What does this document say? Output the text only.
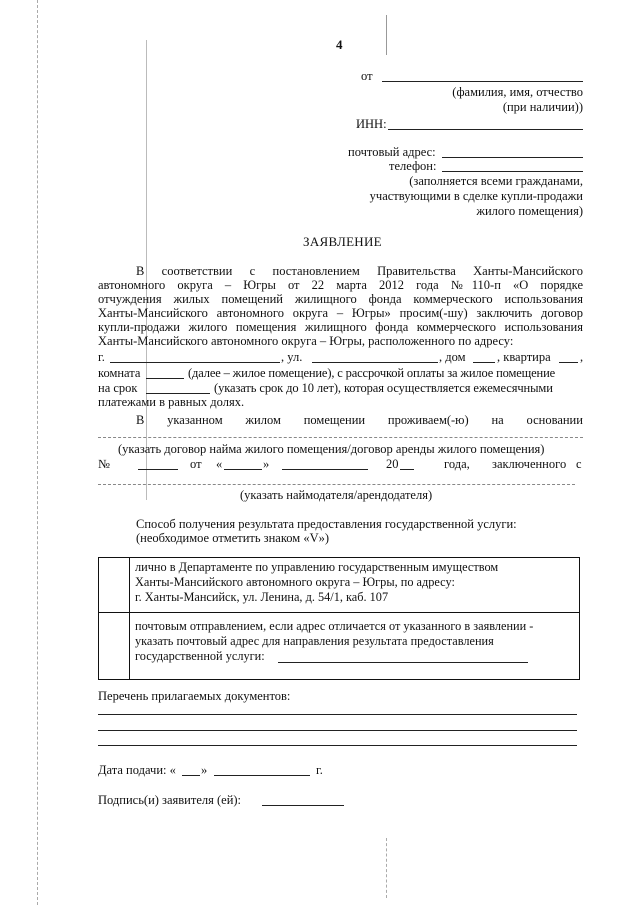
4
от
(фамилия, имя, отчество
(при наличии))
ИНН:
почтовый адрес:
телефон:
(заполняется всеми гражданами,
участвующими в сделке купли-продажи
жилого помещения)
ЗАЯВЛЕНИЕ
В соответствии с постановлением Правительства Ханты-Мансийского
автономного округа – Югры от 22 марта 2012 года №110-п «О порядке
отчуждения жилых помещений жилищного фонда коммерческого использования
Ханты-Мансийского автономного округа – Югры» просим(-шу) заключить договор
купли-продажи жилого помещения жилищного фонда коммерческого использования
Ханты-Мансийского автономного округа – Югры, расположенного по адресу:
г.	, ул.	, дом	, квартира ,
комната	(далее – жилое помещение), с рассрочкой оплаты за жилое помещение
на срок	(указать срок до 10 лет), которая осуществляется ежемесячными
платежами в равных долях.
В указанном жилом помещении проживаем(-ю) на основании
(указать договор найма жилого помещения/договор аренды жилого помещения)
№	от «	»	20	года, заключенного с
(указать наймодателя/арендодателя)
Способ получения результата предоставления государственной услуги:
(необходимое отметить знаком «V»)

	лично в Департаменте по управлению государственным имуществом
Ханты-Мансийского автономного округа – Югры, по адресу:
г. Ханты-Мансийск, ул. Ленина, д. 54/1, каб. 107

	почтовым отправлением, если адрес отличается от указанного в заявлении -
указать почтовый адрес для направления результата предоставления
государственной услуги:
Перечень прилагаемых документов:
Дата подачи: « »	г.
Подпись(и) заявителя (ей):
